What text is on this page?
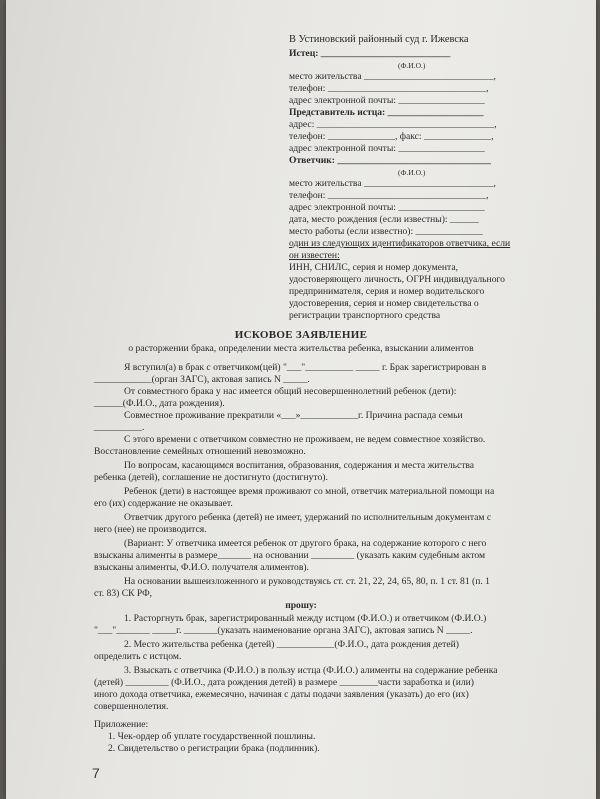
В Устиновский районный суд г. Ижевска
Истец: ___________________________
(Ф.И.О.)
место жительства ___________________________,
телефон: _________________________________,
адрес электронной почты: __________________
Представитель истца: ____________________
адрес: _____________________________________,
телефон: ______________, факс: ______________,
адрес электронной почты: __________________
Ответчик: ________________________________
(Ф.И.О.)
место жительства ___________________________,
телефон: _________________________________,
адрес электронной почты: __________________
дата, место рождения (если известны): ______
место работы (если известно): ______________
один из следующих идентификаторов ответчика, если
он известен:
ИНН, СНИЛС, серия и номер документа,
удостоверяющего личность, ОГРН индивидуального
предпринимателя, серия и номер водительского
удостоверения, серия и номер свидетельства о
регистрации транспортного средства
ИСКОВОЕ ЗАЯВЛЕНИЕ
о расторжении брака, определении места жительства ребенка, взыскании алиментов
Я вступил(а) в брак с ответчиком(цей) "___"__________ _____ г. Брак зарегистрирован в
____________(орган ЗАГС), актовая запись N _____.
От совместного брака у нас имеется общий несовершеннолетний ребенок (дети):
______(Ф.И.О., дата рождения).
Совместное проживание прекратили «___»____________г. Причина распада семьи
__________.
С этого времени с ответчиком совместно не проживаем, не ведем совместное хозяйство.
Восстановление семейных отношений невозможно.
По вопросам, касающимся воспитания, образования, содержания и места жительства
ребенка (детей), соглашение не достигнуто (достигнуто).
Ребенок (дети) в настоящее время проживают со мной, ответчик материальной помощи на
его (их) содержание не оказывает.
Ответчик другого ребенка (детей) не имеет, удержаний по исполнительным документам с
него (нее) не производится.
(Вариант: У ответчика имеется ребенок от другого брака, на содержание которого с него
взысканы алименты в размере_______ на основании _________ (указать каким судебным актом
взысканы алименты, Ф.И.О. получателя алиментов).
На основании вышеизложенного и руководствуясь ст. ст. 21, 22, 24, 65, 80, п. 1 ст. 81 (п. 1
ст. 83) СК РФ,
прошу:
1. Расторгнуть брак, зарегистрированный между истцом (Ф.И.О.) и ответчиком (Ф.И.О.)
"___"_______ _____г. _______(указать наименование органа ЗАГС), актовая запись N _____.
2. Место жительства ребенка (детей) ____________(Ф.И.О., дата рождения детей)
определить с истцом.
3. Взыскать с ответчика (Ф.И.О.) в пользу истца (Ф.И.О.) алименты на содержание ребенка
(детей) _________ (Ф.И.О., дата рождения детей) в размере ________части заработка и (или)
иного дохода ответчика, ежемесячно, начиная с даты подачи заявления (указать) до его (их)
совершеннолетия.
Приложение:
1. Чек-ордер об уплате государственной пошлины.
2. Свидетельство о регистрации брака (подлинник).
7
